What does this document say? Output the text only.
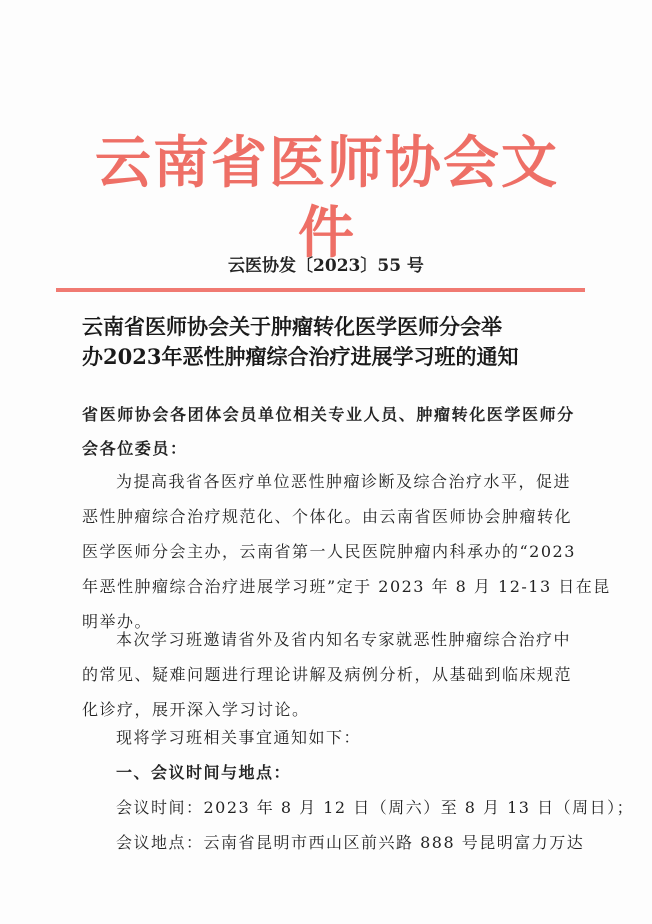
云南省医师协会文件
云医协发〔2023〕55 号
云南省医师协会关于肿瘤转化医学医师分会举
办2023年恶性肿瘤综合治疗进展学习班的通知
省医师协会各团体会员单位相关专业人员、肿瘤转化医学医师分
会各位委员：
为提高我省各医疗单位恶性肿瘤诊断及综合治疗水平，促进
恶性肿瘤综合治疗规范化、个体化。由云南省医师协会肿瘤转化
医学医师分会主办，云南省第一人民医院肿瘤内科承办的“2023
年恶性肿瘤综合治疗进展学习班”定于 2023 年 8 月 12-13 日在昆
明举办。
本次学习班邀请省外及省内知名专家就恶性肿瘤综合治疗中
的常见、疑难问题进行理论讲解及病例分析，从基础到临床规范
化诊疗，展开深入学习讨论。
现将学习班相关事宜通知如下：
一、会议时间与地点：
会议时间：2023 年 8 月 12 日（周六）至 8 月 13 日（周日）；
会议地点：云南省昆明市西山区前兴路 888 号昆明富力万达
